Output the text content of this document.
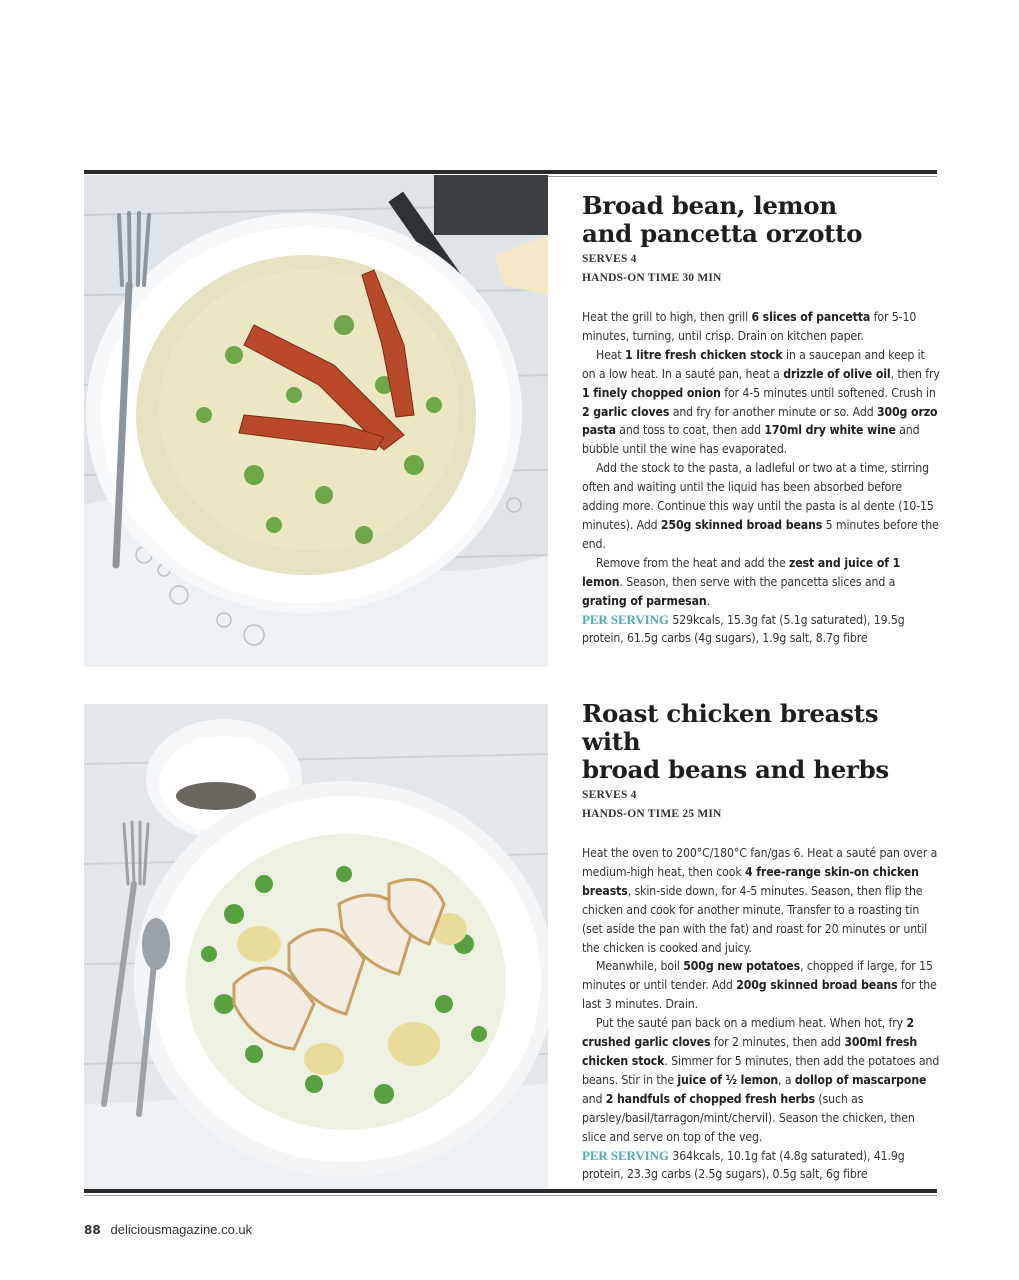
Broad bean, lemon
and pancetta orzotto
SERVES 4
HANDS-ON TIME 30 MIN

Heat the grill to high, then grill 6 slices of pancetta for 5-10 minutes, turning, until crisp. Drain on kitchen paper.

Heat 1 litre fresh chicken stock in a saucepan and keep it on a low heat. In a sauté pan, heat a drizzle of olive oil, then fry 1 finely chopped onion for 4-5 minutes until softened. Crush in 2 garlic cloves and fry for another minute or so. Add 300g orzo pasta and toss to coat, then add 170ml dry white wine and bubble until the wine has evaporated.

Add the stock to the pasta, a ladleful or two at a time, stirring often and waiting until the liquid has been absorbed before adding more. Continue this way until the pasta is al dente (10-15 minutes). Add 250g skinned broad beans 5 minutes before the end.

Remove from the heat and add the zest and juice of 1 lemon. Season, then serve with the pancetta slices and a grating of parmesan.

PER SERVING 529kcals, 15.3g fat (5.1g saturated), 19.5g protein, 61.5g carbs (4g sugars), 1.9g salt, 8.7g fibre

Roast chicken breasts with
broad beans and herbs
SERVES 4
HANDS-ON TIME 25 MIN

Heat the oven to 200°C/180°C fan/gas 6. Heat a sauté pan over a medium-high heat, then cook 4 free-range skin-on chicken breasts, skin-side down, for 4-5 minutes. Season, then flip the chicken and cook for another minute. Transfer to a roasting tin (set aside the pan with the fat) and roast for 20 minutes or until the chicken is cooked and juicy.

Meanwhile, boil 500g new potatoes, chopped if large, for 15 minutes or until tender. Add 200g skinned broad beans for the last 3 minutes. Drain.

Put the sauté pan back on a medium heat. When hot, fry 2 crushed garlic cloves for 2 minutes, then add 300ml fresh chicken stock. Simmer for 5 minutes, then add the potatoes and beans. Stir in the juice of ½ lemon, a dollop of mascarpone and 2 handfuls of chopped fresh herbs (such as parsley/basil/tarragon/mint/chervil). Season the chicken, then slice and serve on top of the veg.

PER SERVING 364kcals, 10.1g fat (4.8g saturated), 41.9g protein, 23.3g carbs (2.5g sugars), 0.5g salt, 6g fibre

88 deliciousmagazine.co.uk
